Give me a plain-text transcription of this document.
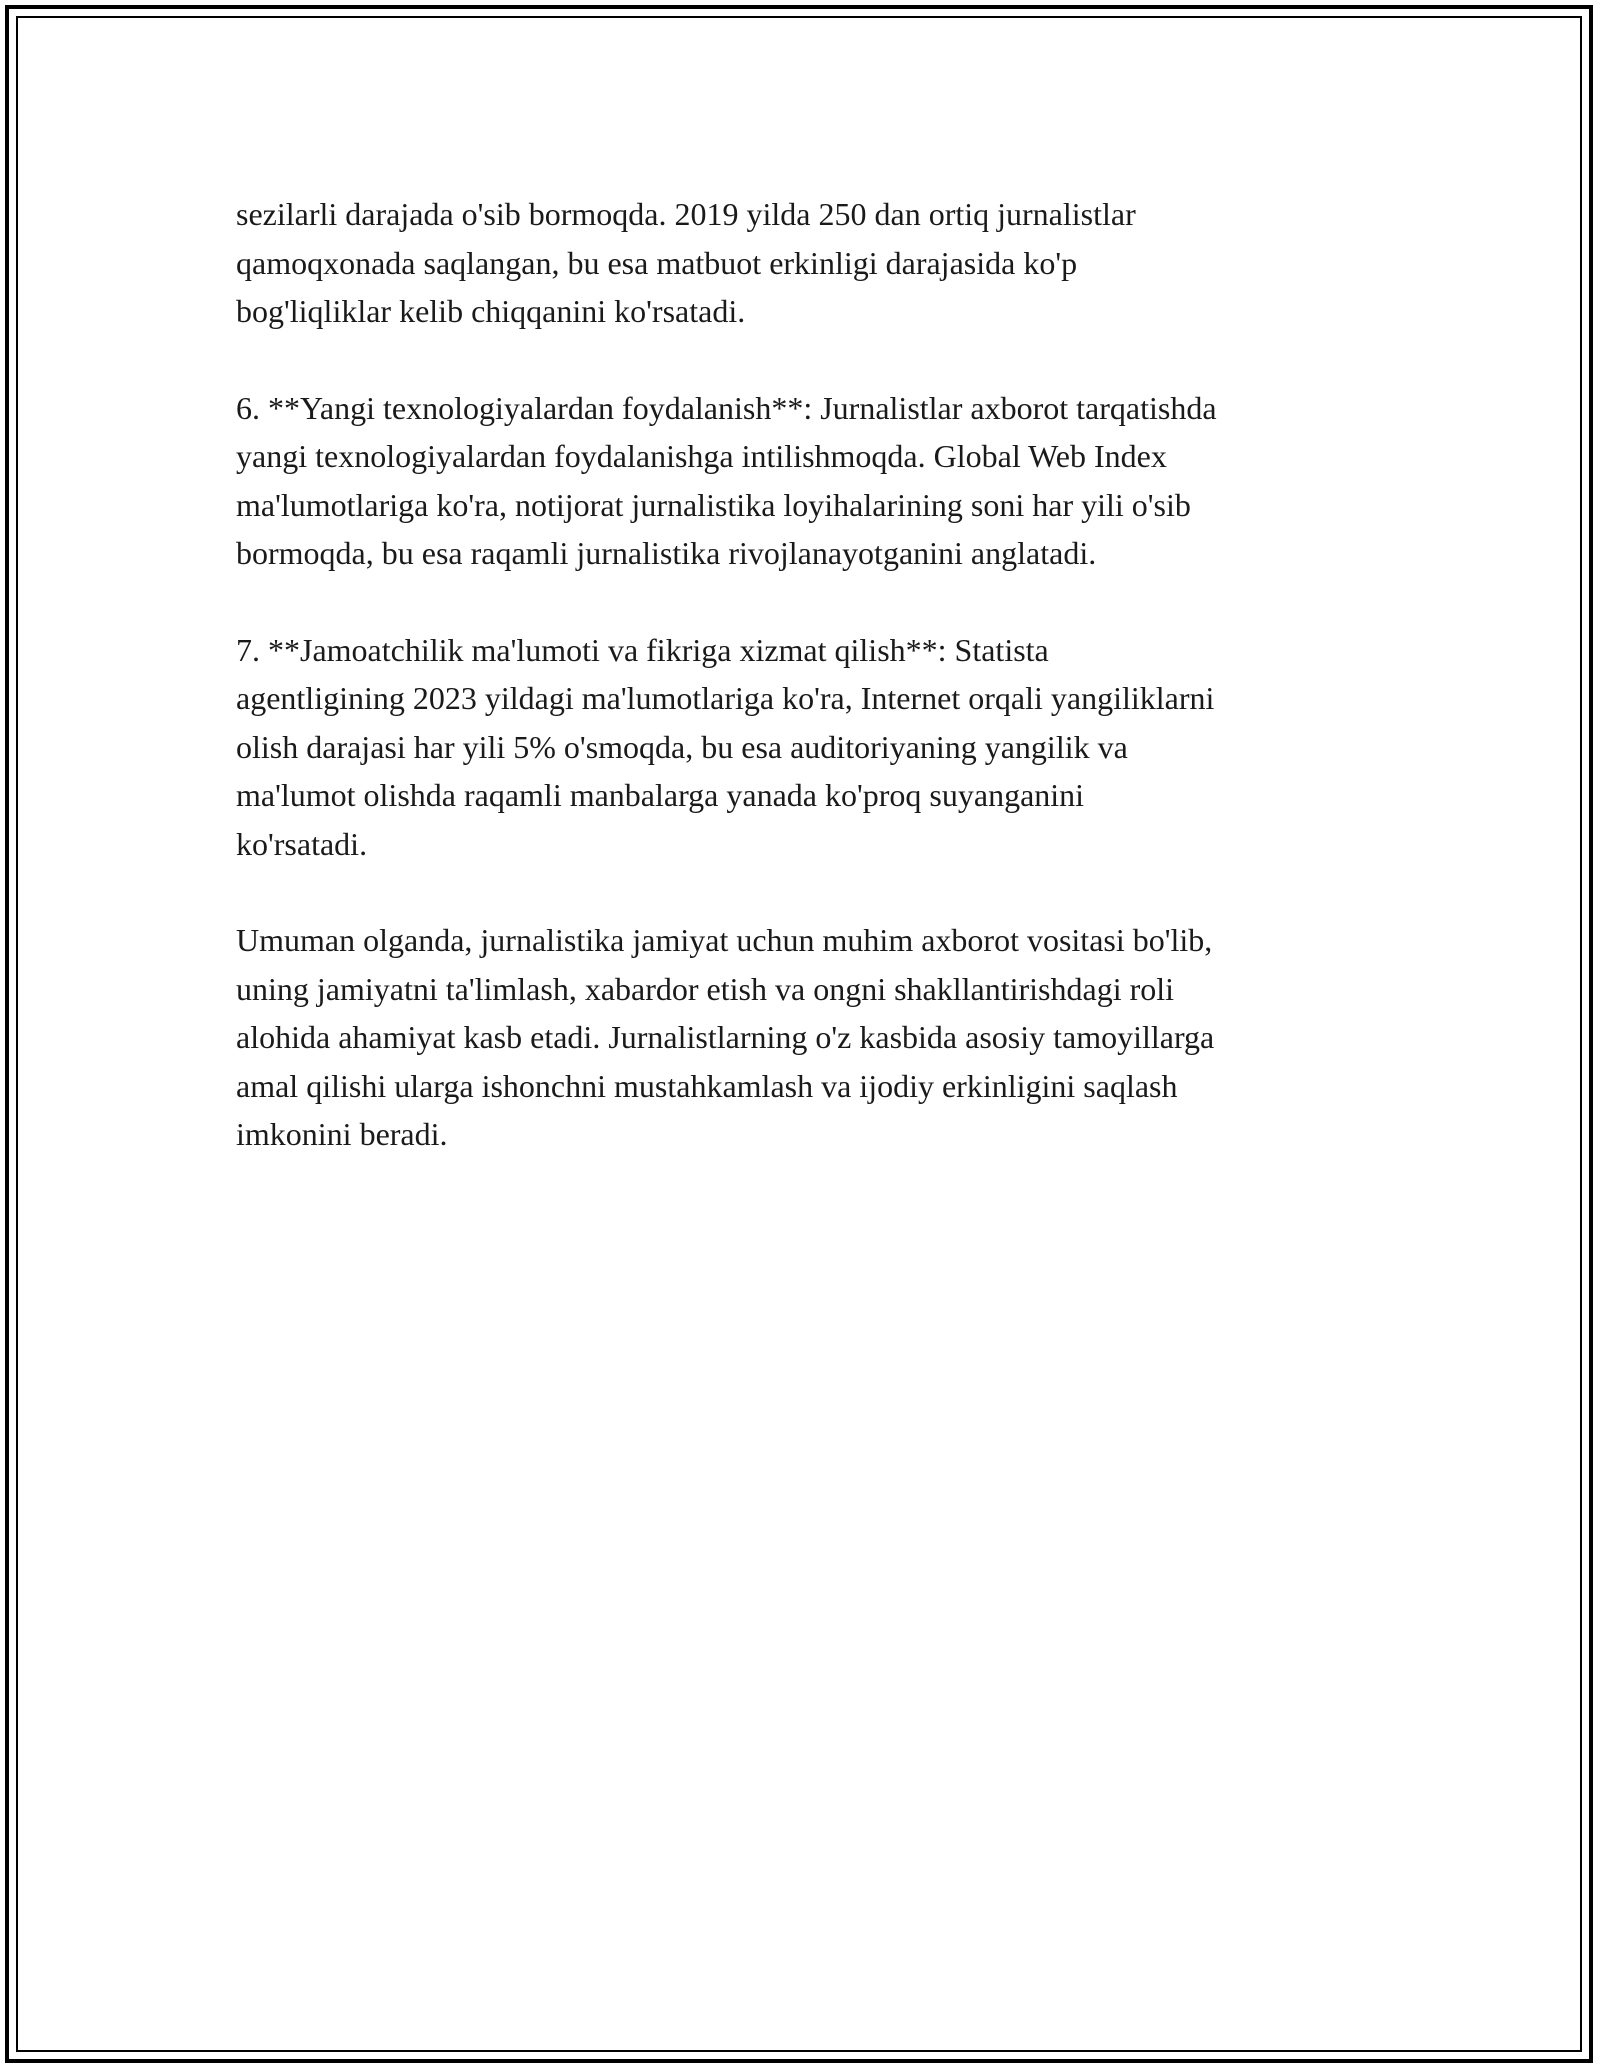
sezilarli darajada o'sib bormoqda. 2019 yilda 250 dan ortiq jurnalistlar
qamoqxonada saqlangan, bu esa matbuot erkinligi darajasida ko'p
bog'liqliklar kelib chiqqanini ko'rsatadi.
6. **Yangi texnologiyalardan foydalanish**: Jurnalistlar axborot tarqatishda
yangi texnologiyalardan foydalanishga intilishmoqda. Global Web Index
ma'lumotlariga ko'ra, notijorat jurnalistika loyihalarining soni har yili o'sib
bormoqda, bu esa raqamli jurnalistika rivojlanayotganini anglatadi.
7. **Jamoatchilik ma'lumoti va fikriga xizmat qilish**: Statista
agentligining 2023 yildagi ma'lumotlariga ko'ra, Internet orqali yangiliklarni
olish darajasi har yili 5% o'smoqda, bu esa auditoriyaning yangilik va
ma'lumot olishda raqamli manbalarga yanada ko'proq suyanganini
ko'rsatadi.
Umuman olganda, jurnalistika jamiyat uchun muhim axborot vositasi bo'lib,
uning jamiyatni ta'limlash, xabardor etish va ongni shakllantirishdagi roli
alohida ahamiyat kasb etadi. Jurnalistlarning o'z kasbida asosiy tamoyillarga
amal qilishi ularga ishonchni mustahkamlash va ijodiy erkinligini saqlash
imkonini beradi.
